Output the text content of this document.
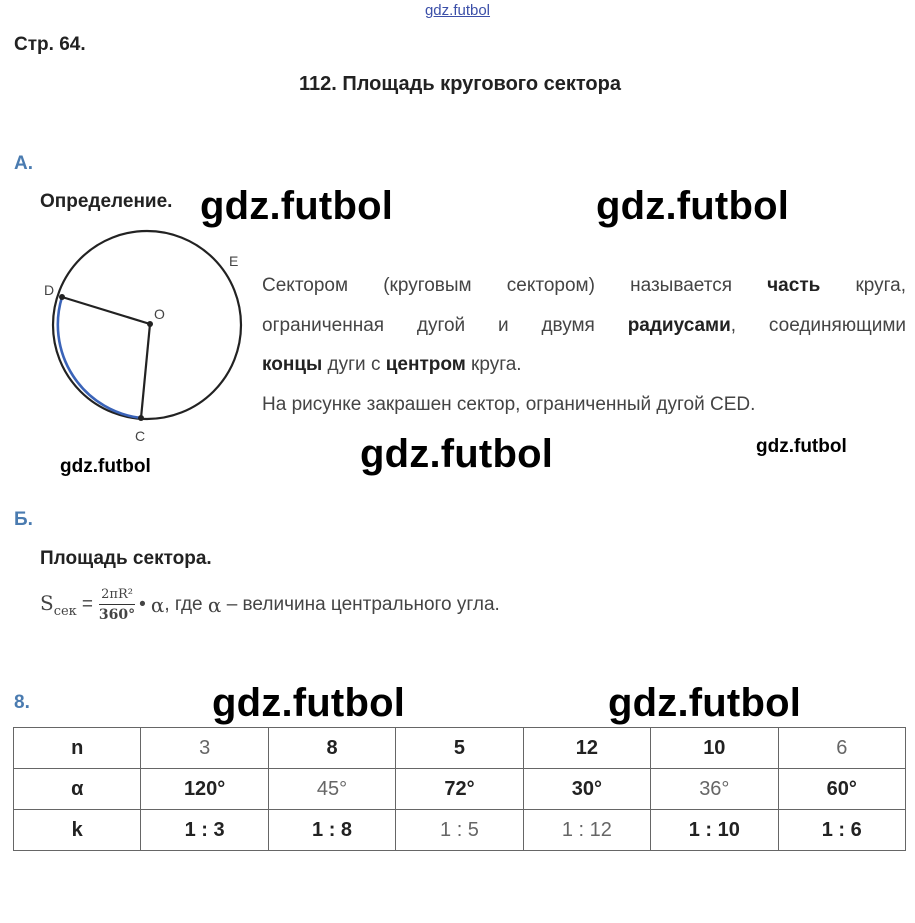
gdz.futbol
Стр. 64.
112. Площадь кругового сектора
А.
Определение. gdz.futbol	gdz.futbol
D
E
O
C
Сектором (круговым сектором) называется часть круга,
ограниченная дугой и двумя радиусами, соединяющими
концы дуги с центром круга.
На рисунке закрашен сектор, ограниченный дугой CED.
gdz.futbol	gdz.futbol	gdz.futbol
Б.
Площадь сектора.
$S_{сек} = \frac{\text{2πR²}}{360^\circ}$ • α , где α – величина центрального угла.
8.	gdz.futbol	gdz.futbol
n	3	8	5	12	10	6
α	120°	45°	72°	30°	36°	60°
k	1 : 3	1 : 8	1 : 5	1 : 12	1 : 10	1 : 6
